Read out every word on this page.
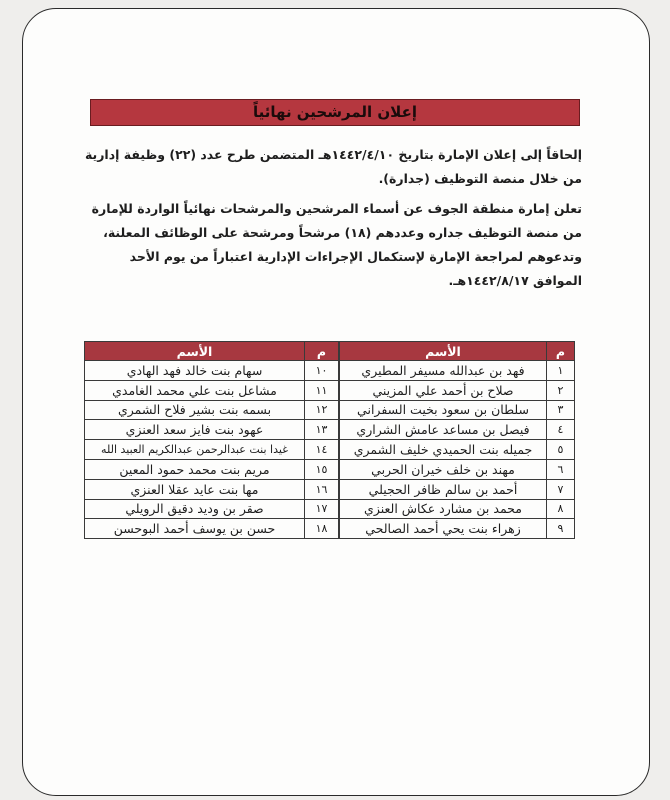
إعلان المرشحين نهائياً

إلحاقاً إلى إعلان الإمارة بتاريخ ١٤٤٢/٤/١٠هـ المتضمن طرح عدد (٢٢) وظيفة إدارية من خلال منصة التوظيف (جدارة).

تعلن إمارة منطقة الجوف عن أسماء المرشحين والمرشحات نهائياً الواردة للإمارة من منصة التوظيف جداره وعددهم (١٨) مرشحاً ومرشحة على الوظائف المعلنة، وتدعوهم لمراجعة الإمارة لإستكمال الإجراءات الإدارية اعتباراً من يوم الأحد الموافق ١٤٤٢/٨/١٧هـ.

م	الأسم
١	فهد بن عبدالله مسيفر المطيري
٢	صلاح بن أحمد علي المزيني
٣	سلطان بن سعود بخيت السفراني
٤	فيصل بن مساعد عامش الشراري
٥	جميله بنت الحميدي خليف الشمري
٦	مهند بن خلف خيران الحربي
٧	أحمد بن سالم ظافر الحجيلي
٨	محمد بن مشارد عكاش العنزي
٩	زهراء بنت يحي أحمد الصالحي
م	الأسم
١٠	سهام بنت خالد فهد الهادي
١١	مشاعل بنت علي محمد الغامدي
١٢	بسمه بنت بشير فلاح الشمري
١٣	عهود بنت فايز سعد العنزي
١٤	غيدا بنت عبدالرحمن عبدالكريم العبيد الله
١٥	مريم بنت محمد حمود المعين
١٦	مها بنت عايد عقلا العنزي
١٧	صقر بن وديد دقيق الرويلي
١٨	حسن بن يوسف أحمد البوحسن
